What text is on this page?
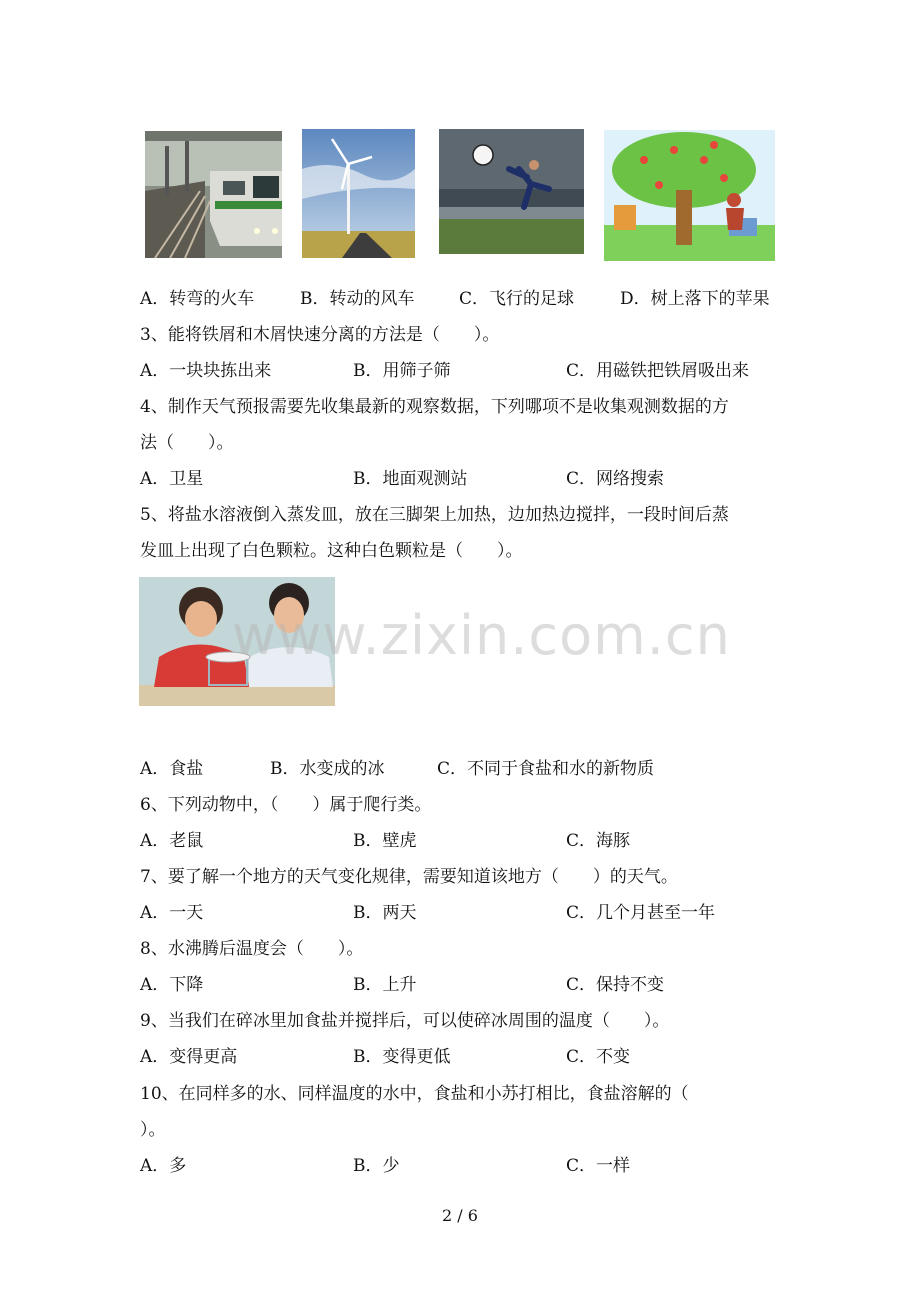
A．转弯的火车	B．转动的风车	C．飞行的足球	D．树上落下的苹果
3、能将铁屑和木屑快速分离的方法是（　　）。
A．一块块拣出来	B．用筛子筛	C．用磁铁把铁屑吸出来
4、制作天气预报需要先收集最新的观察数据，下列哪项不是收集观测数据的方
法（　　）。
A．卫星	B．地面观测站	C．网络搜索
5、将盐水溶液倒入蒸发皿，放在三脚架上加热，边加热边搅拌，一段时间后蒸
发皿上出现了白色颗粒。这种白色颗粒是（　　）。
www.zixin.com.cn
A．食盐	B．水变成的冰	C．不同于食盐和水的新物质
6、下列动物中，（　　）属于爬行类。
A．老鼠	B．壁虎	C．海豚
7、要了解一个地方的天气变化规律，需要知道该地方（　　）的天气。
A．一天	B．两天	C．几个月甚至一年
8、水沸腾后温度会（　　）。
A．下降	B．上升	C．保持不变
9、当我们在碎冰里加食盐并搅拌后，可以使碎冰周围的温度（　　）。
A．变得更高	B．变得更低	C．不变
10、在同样多的水、同样温度的水中，食盐和小苏打相比，食盐溶解的（
）。
A．多	B．少	C．一样
2 / 6
